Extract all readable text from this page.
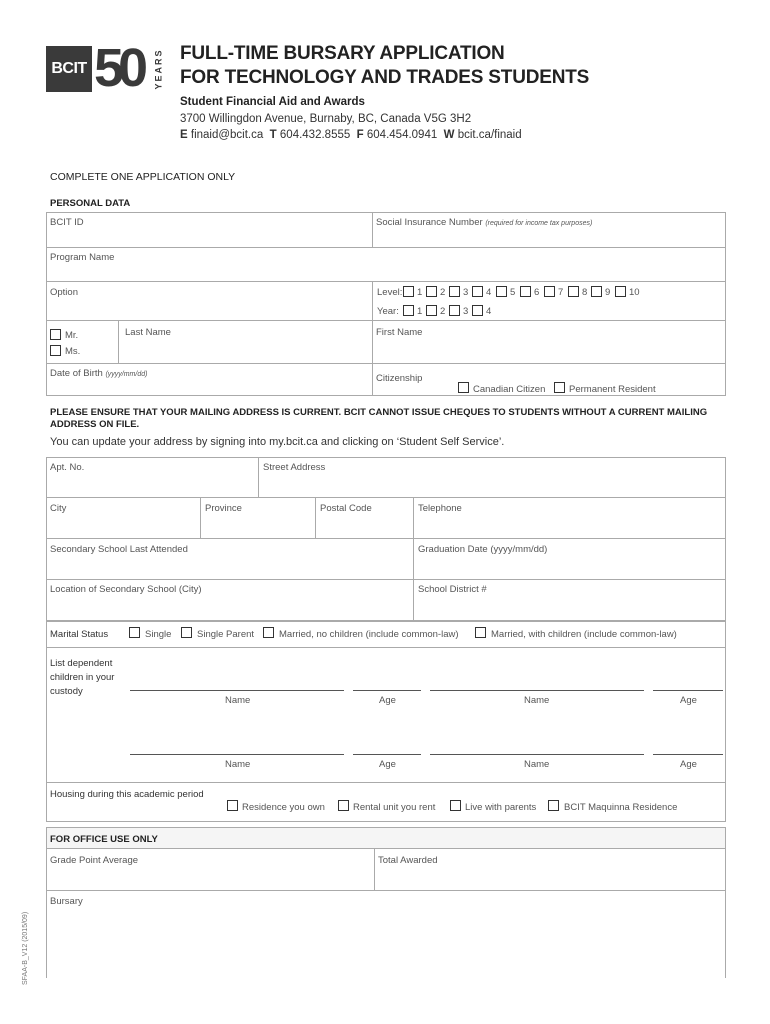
BCIT 50 YEARS FULL-TIME BURSARY APPLICATION
FOR TECHNOLOGY AND TRADES STUDENTS
Student Financial Aid and Awards
3700 Willingdon Avenue, Burnaby, BC, Canada V5G 3H2
E finaid@bcit.ca T 604.432.8555 F 604.454.0941 W bcit.ca/finaid
COMPLETE ONE APPLICATION ONLY
PERSONAL DATA
BCIT ID	Social Insurance Number (required for income tax purposes)
Program Name
Option	Level: 1 2 3 4 5 6 7 8 9 10
Year: 1 2 3 4
Mr.
Ms.
Last Name	First Name
Date of Birth (yyyy/mm/dd)	Citizenship
Canadian Citizen Permanent Resident
PLEASE ENSURE THAT YOUR MAILING ADDRESS IS CURRENT. BCIT CANNOT ISSUE CHEQUES TO STUDENTS WITHOUT A CURRENT MAILING ADDRESS ON FILE.
You can update your address by signing into my.bcit.ca and clicking on ‘Student Self Service’.
Apt. No.	Street Address
City	Province	Postal Code	Telephone
Secondary School Last Attended	Graduation Date (yyyy/mm/dd)
Location of Secondary School (City)	School District #
Marital Status	Single	Single Parent	Married, no children (include common-law)	Married, with children (include common-law)
List dependent
children in your
custody
Name	Age	Name	Age
Name	Age	Name	Age
Housing during this academic period
Residence you own	Rental unit you rent	Live with parents	BCIT Maquinna Residence
FOR OFFICE USE ONLY
Grade Point Average	Total Awarded
Bursary
SFAA-B_V12 (2015/09)
